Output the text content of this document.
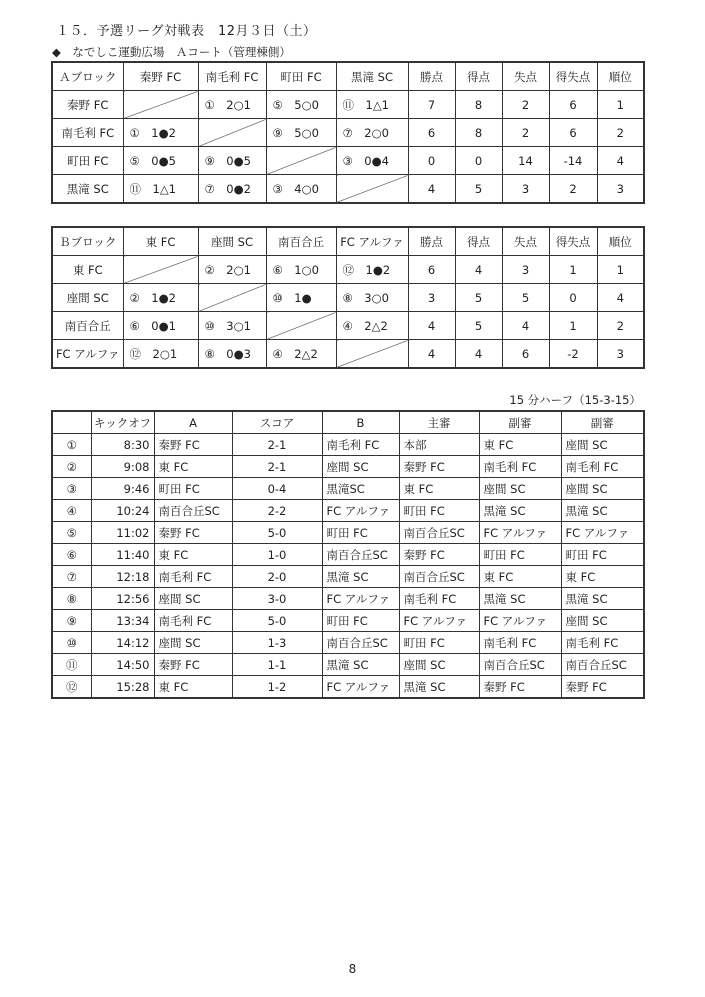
１５．予選リーグ対戦表　12月３日（土）
◆　なでしこ運動広場　Ａコート（管理棟側）
Ａブロック	秦野 FC	南毛利 FC	町田 FC	黒滝 SC	勝点	得点	失点	得失点	順位
秦野 FC		①　2○1	⑤　5○0	⑪　1△1	7	8	2	6	1
南毛利 FC	①　1●2		⑨　5○0	⑦　2○0	6	8	2	6	2
町田 FC	⑤　0●5	⑨　0●5		③　0●4	0	0	14	-14	4
黒滝 SC	⑪　1△1	⑦　0●2	③　4○0		4	5	3	2	3
Ｂブロック	東 FC	座間 SC	南百合丘	FC アルファ	勝点	得点	失点	得失点	順位
東 FC		②　2○1	⑥　1○0	⑫　1●2	6	4	3	1	1
座間 SC	②　1●2		⑩　1●	⑧　3○0	3	5	5	0	4
南百合丘	⑥　0●1	⑩　3○1		④　2△2	4	5	4	1	2
FC アルファ	⑫　2○1	⑧　0●3	④　2△2		4	4	6	-2	3
15 分ハーフ（15-3-15）
	キックオフ	A	スコア	B	主審	副審	副審
①	8:30	秦野 FC	2-1	南毛利 FC	本部	東 FC	座間 SC
②	9:08	東 FC	2-1	座間 SC	秦野 FC	南毛利 FC	南毛利 FC
③	9:46	町田 FC	0-4	黒滝SC	東 FC	座間 SC	座間 SC
④	10:24	南百合丘SC	2-2	FC アルファ	町田 FC	黒滝 SC	黒滝 SC
⑤	11:02	秦野 FC	5-0	町田 FC	南百合丘SC	FC アルファ	FC アルファ
⑥	11:40	東 FC	1-0	南百合丘SC	秦野 FC	町田 FC	町田 FC
⑦	12:18	南毛利 FC	2-0	黒滝 SC	南百合丘SC	東 FC	東 FC
⑧	12:56	座間 SC	3-0	FC アルファ	南毛利 FC	黒滝 SC	黒滝 SC
⑨	13:34	南毛利 FC	5-0	町田 FC	FC アルファ	FC アルファ	座間 SC
⑩	14:12	座間 SC	1-3	南百合丘SC	町田 FC	南毛利 FC	南毛利 FC
⑪	14:50	秦野 FC	1-1	黒滝 SC	座間 SC	南百合丘SC	南百合丘SC
⑫	15:28	東 FC	1-2	FC アルファ	黒滝 SC	秦野 FC	秦野 FC
8
